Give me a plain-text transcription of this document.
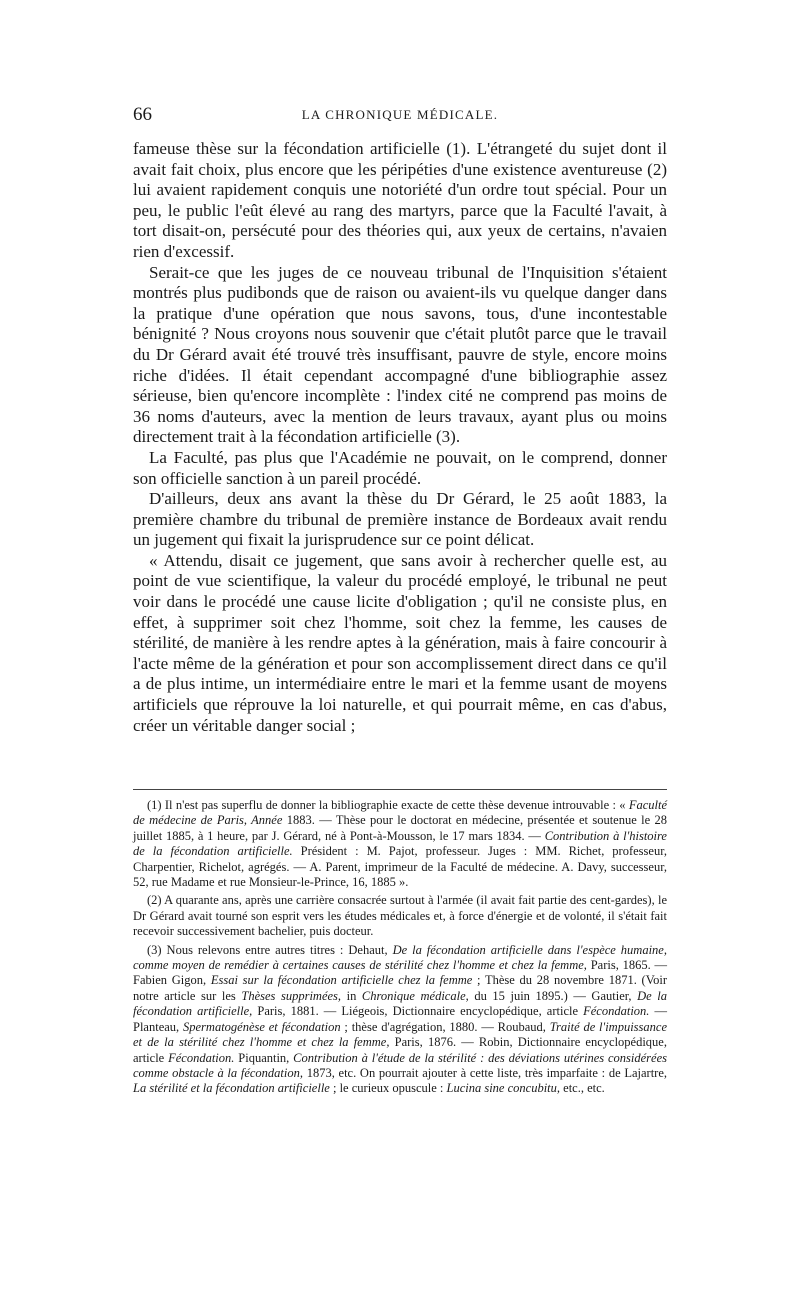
66	LA CHRONIQUE MÉDICALE.

fameuse thèse sur la fécondation artificielle (1). L'étrangeté du sujet dont il avait fait choix, plus encore que les péripéties d'une existence aventureuse (2) lui avaient rapidement conquis une notoriété d'un ordre tout spécial. Pour un peu, le public l'eût élevé au rang des martyrs, parce que la Faculté l'avait, à tort disait-on, persécuté pour des théories qui, aux yeux de certains, n'avaien rien d'excessif.

Serait-ce que les juges de ce nouveau tribunal de l'Inquisition s'étaient montrés plus pudibonds que de raison ou avaient-ils vu quelque danger dans la pratique d'une opération que nous savons, tous, d'une incontestable bénignité ? Nous croyons nous souvenir que c'était plutôt parce que le travail du Dr Gérard avait été trouvé très insuffisant, pauvre de style, encore moins riche d'idées. Il était cependant accompagné d'une bibliographie assez sérieuse, bien qu'encore incomplète : l'index cité ne comprend pas moins de 36 noms d'auteurs, avec la mention de leurs travaux, ayant plus ou moins directement trait à la fécondation artificielle (3).

La Faculté, pas plus que l'Académie ne pouvait, on le comprend, donner son officielle sanction à un pareil procédé.

D'ailleurs, deux ans avant la thèse du Dr Gérard, le 25 août 1883, la première chambre du tribunal de première instance de Bordeaux avait rendu un jugement qui fixait la jurisprudence sur ce point délicat.

« Attendu, disait ce jugement, que sans avoir à rechercher quelle est, au point de vue scientifique, la valeur du procédé employé, le tribunal ne peut voir dans le procédé une cause licite d'obligation ; qu'il ne consiste plus, en effet, à supprimer soit chez l'homme, soit chez la femme, les causes de stérilité, de manière à les rendre aptes à la génération, mais à faire concourir à l'acte même de la génération et pour son accomplissement direct dans ce qu'il a de plus intime, un intermédiaire entre le mari et la femme usant de moyens artificiels que réprouve la loi naturelle, et qui pourrait même, en cas d'abus, créer un véritable danger social ;

(1) Il n'est pas superflu de donner la bibliographie exacte de cette thèse devenue introuvable : « Faculté de médecine de Paris, Année 1883. — Thèse pour le doctorat en médecine, présentée et soutenue le 28 juillet 1885, à 1 heure, par J. Gérard, né à Pont-à-Mousson, le 17 mars 1834. — Contribution à l'histoire de la fécondation artificielle. Président : M. Pajot, professeur. Juges : MM. Richet, professeur, Charpentier, Richelot, agrégés. — A. Parent, imprimeur de la Faculté de médecine. A. Davy, successeur, 52, rue Madame et rue Monsieur-le-Prince, 16, 1885 ».

(2) A quarante ans, après une carrière consacrée surtout à l'armée (il avait fait partie des cent-gardes), le Dr Gérard avait tourné son esprit vers les études médicales et, à force d'énergie et de volonté, il s'était fait recevoir successivement bachelier, puis docteur.

(3) Nous relevons entre autres titres : Dehaut, De la fécondation artificielle dans l'espèce humaine, comme moyen de remédier à certaines causes de stérilité chez l'homme et chez la femme, Paris, 1865. — Fabien Gigon, Essai sur la fécondation artificielle chez la femme ; Thèse du 28 novembre 1871. (Voir notre article sur les Thèses supprimées, in Chronique médicale, du 15 juin 1895.) — Gautier, De la fécondation artificielle, Paris, 1881. — Liégeois, Dictionnaire encyclopédique, article Fécondation. — Planteau, Spermatogénèse et fécondation ; thèse d'agrégation, 1880. — Roubaud, Traité de l'impuissance et de la stérilité chez l'homme et chez la femme, Paris, 1876. — Robin, Dictionnaire encyclopédique, article Fécondation. Piquantin, Contribution à l'étude de la stérilité : des déviations utérines considérées comme obstacle à la fécondation, 1873, etc. On pourrait ajouter à cette liste, très imparfaite : de Lajartre, La stérilité et la fécondation artificielle ; le curieux opuscule : Lucina sine concubitu, etc., etc.
